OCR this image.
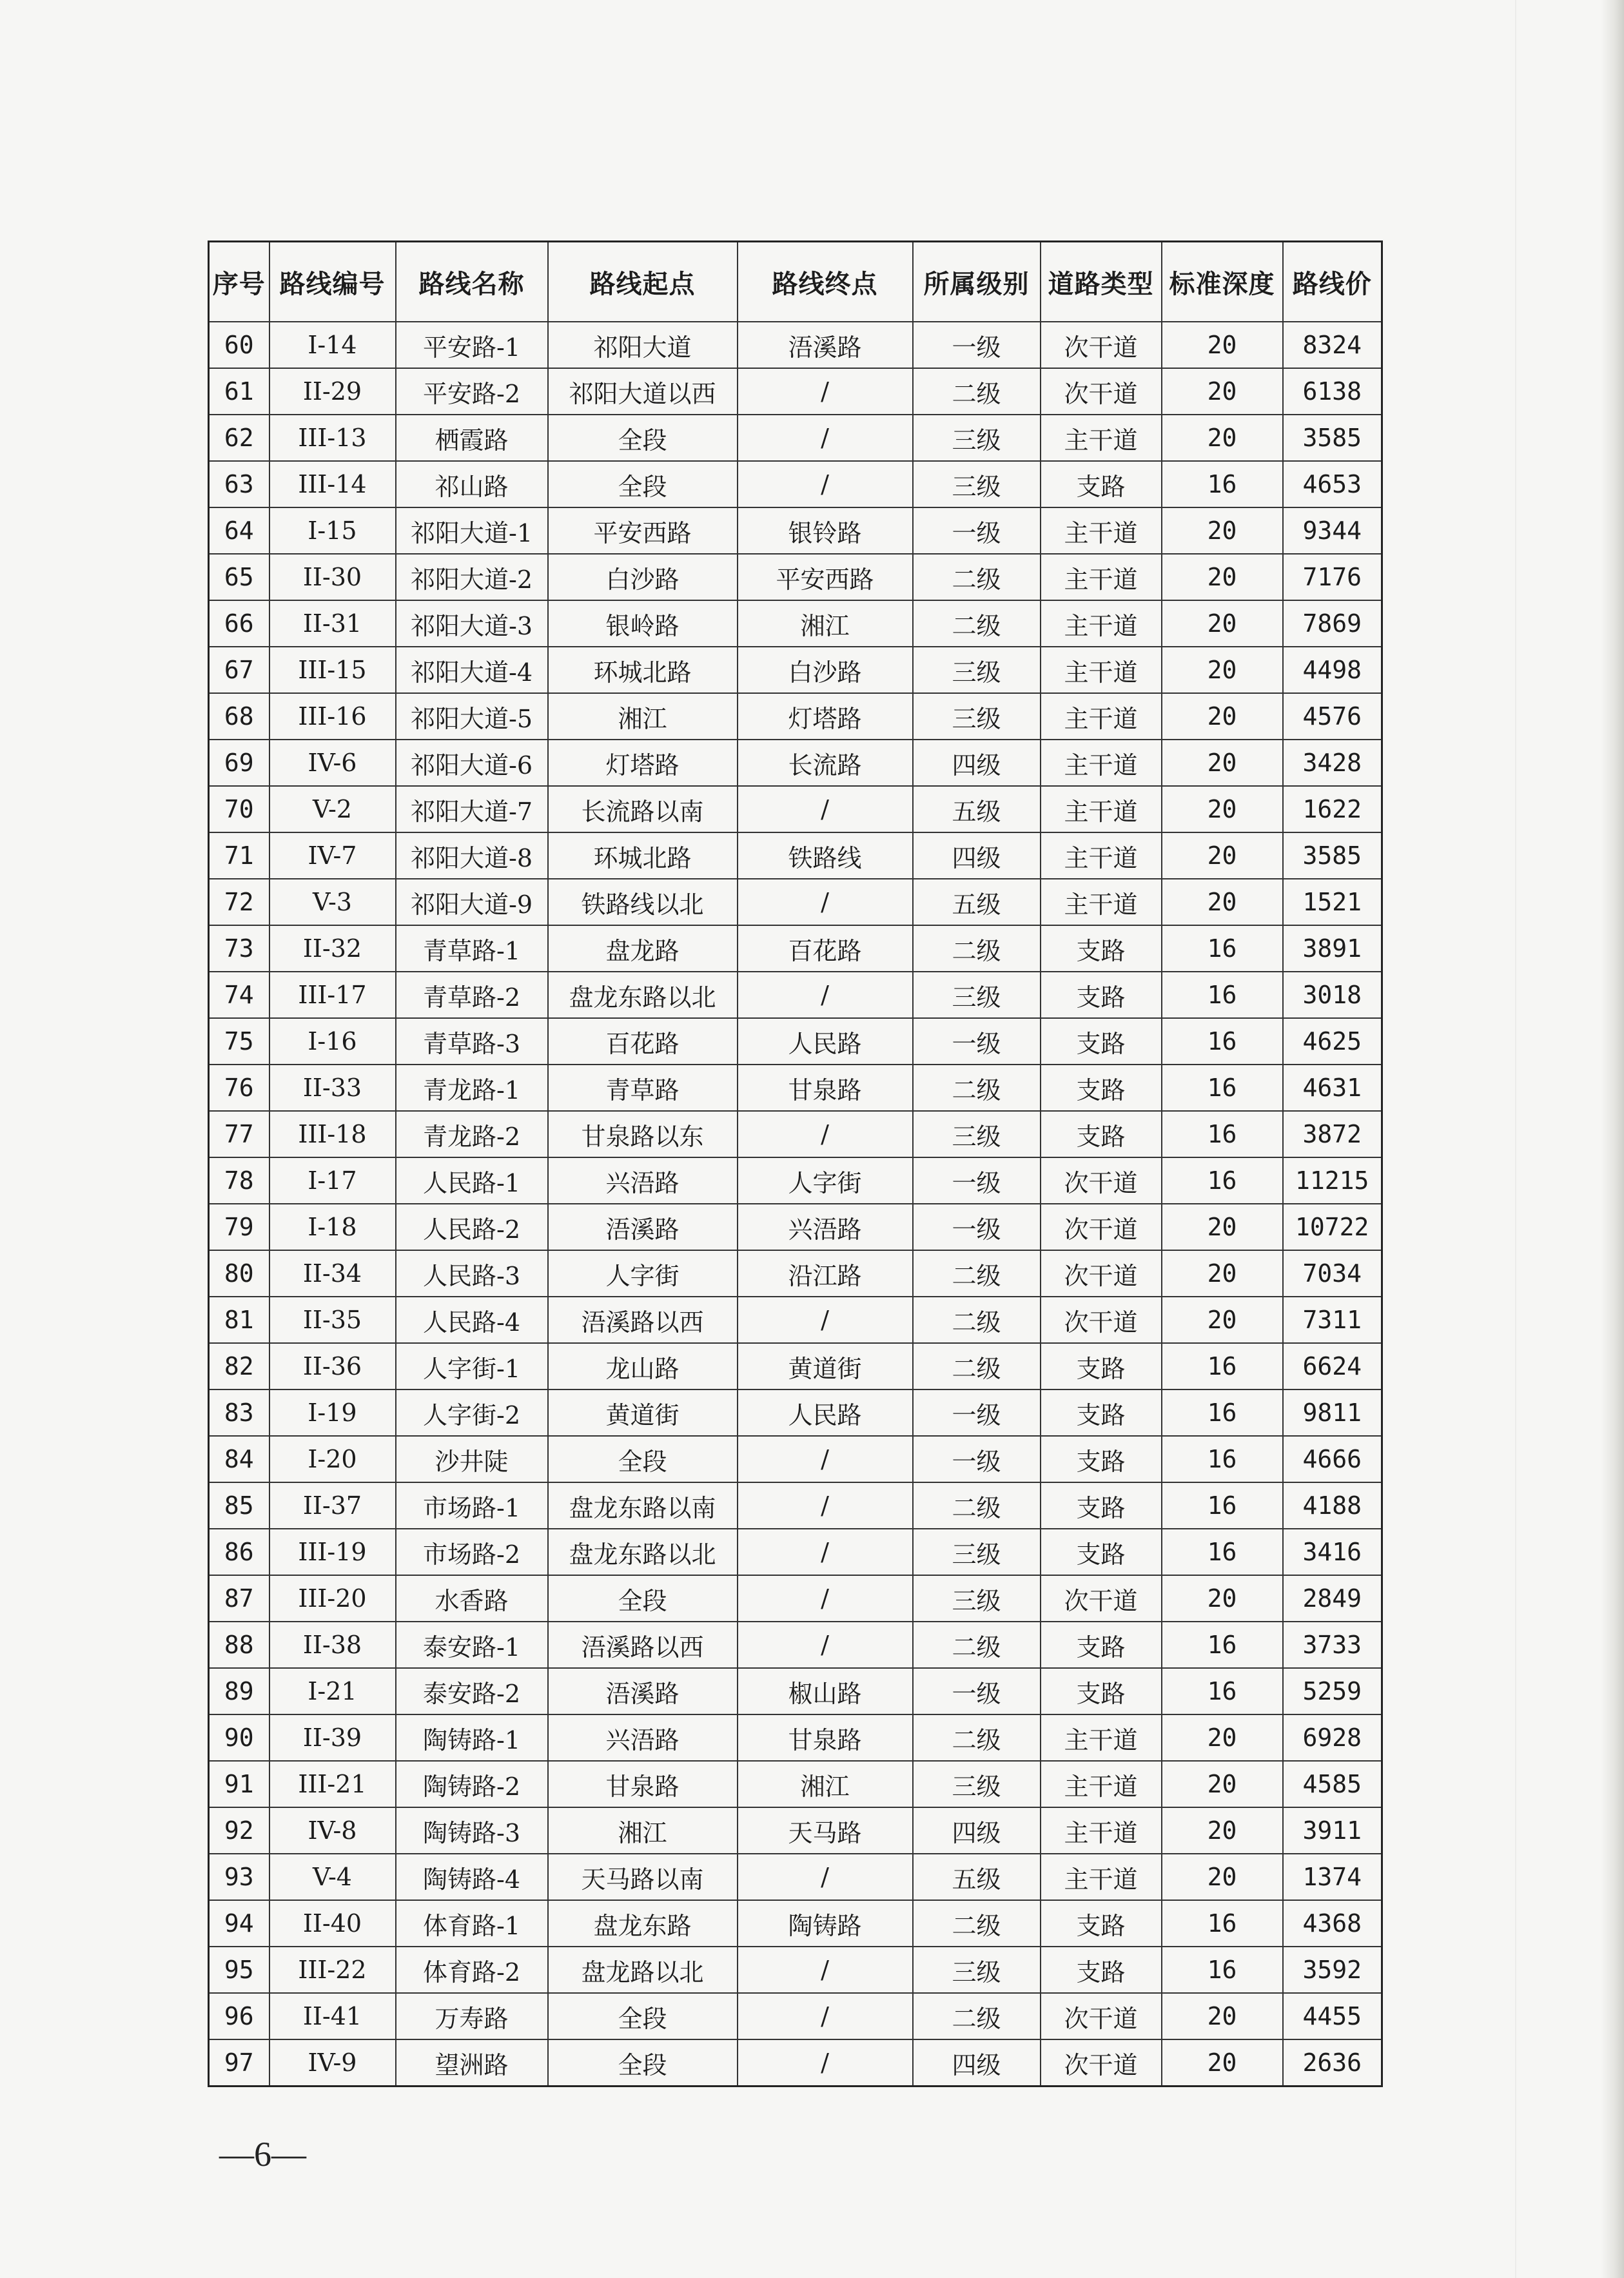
序号	路线编号	路线名称	路线起点	路线终点	所属级别	道路类型	标准深度	路线价
60	I-14	平安路-1	祁阳大道	浯溪路	一级	次干道	20	8324
61	II-29	平安路-2	祁阳大道以西	/	二级	次干道	20	6138
62	III-13	栖霞路	全段	/	三级	主干道	20	3585
63	III-14	祁山路	全段	/	三级	支路	16	4653
64	I-15	祁阳大道-1	平安西路	银铃路	一级	主干道	20	9344
65	II-30	祁阳大道-2	白沙路	平安西路	二级	主干道	20	7176
66	II-31	祁阳大道-3	银岭路	湘江	二级	主干道	20	7869
67	III-15	祁阳大道-4	环城北路	白沙路	三级	主干道	20	4498
68	III-16	祁阳大道-5	湘江	灯塔路	三级	主干道	20	4576
69	IV-6	祁阳大道-6	灯塔路	长流路	四级	主干道	20	3428
70	V-2	祁阳大道-7	长流路以南	/	五级	主干道	20	1622
71	IV-7	祁阳大道-8	环城北路	铁路线	四级	主干道	20	3585
72	V-3	祁阳大道-9	铁路线以北	/	五级	主干道	20	1521
73	II-32	青草路-1	盘龙路	百花路	二级	支路	16	3891
74	III-17	青草路-2	盘龙东路以北	/	三级	支路	16	3018
75	I-16	青草路-3	百花路	人民路	一级	支路	16	4625
76	II-33	青龙路-1	青草路	甘泉路	二级	支路	16	4631
77	III-18	青龙路-2	甘泉路以东	/	三级	支路	16	3872
78	I-17	人民路-1	兴浯路	人字街	一级	次干道	16	11215
79	I-18	人民路-2	浯溪路	兴浯路	一级	次干道	20	10722
80	II-34	人民路-3	人字街	沿江路	二级	次干道	20	7034
81	II-35	人民路-4	浯溪路以西	/	二级	次干道	20	7311
82	II-36	人字街-1	龙山路	黄道街	二级	支路	16	6624
83	I-19	人字街-2	黄道街	人民路	一级	支路	16	9811
84	I-20	沙井陡	全段	/	一级	支路	16	4666
85	II-37	市场路-1	盘龙东路以南	/	二级	支路	16	4188
86	III-19	市场路-2	盘龙东路以北	/	三级	支路	16	3416
87	III-20	水香路	全段	/	三级	次干道	20	2849
88	II-38	泰安路-1	浯溪路以西	/	二级	支路	16	3733
89	I-21	泰安路-2	浯溪路	椒山路	一级	支路	16	5259
90	II-39	陶铸路-1	兴浯路	甘泉路	二级	主干道	20	6928
91	III-21	陶铸路-2	甘泉路	湘江	三级	主干道	20	4585
92	IV-8	陶铸路-3	湘江	天马路	四级	主干道	20	3911
93	V-4	陶铸路-4	天马路以南	/	五级	主干道	20	1374
94	II-40	体育路-1	盘龙东路	陶铸路	二级	支路	16	4368
95	III-22	体育路-2	盘龙路以北	/	三级	支路	16	3592
96	II-41	万寿路	全段	/	二级	次干道	20	4455
97	IV-9	望洲路	全段	/	四级	次干道	20	2636
—6—
